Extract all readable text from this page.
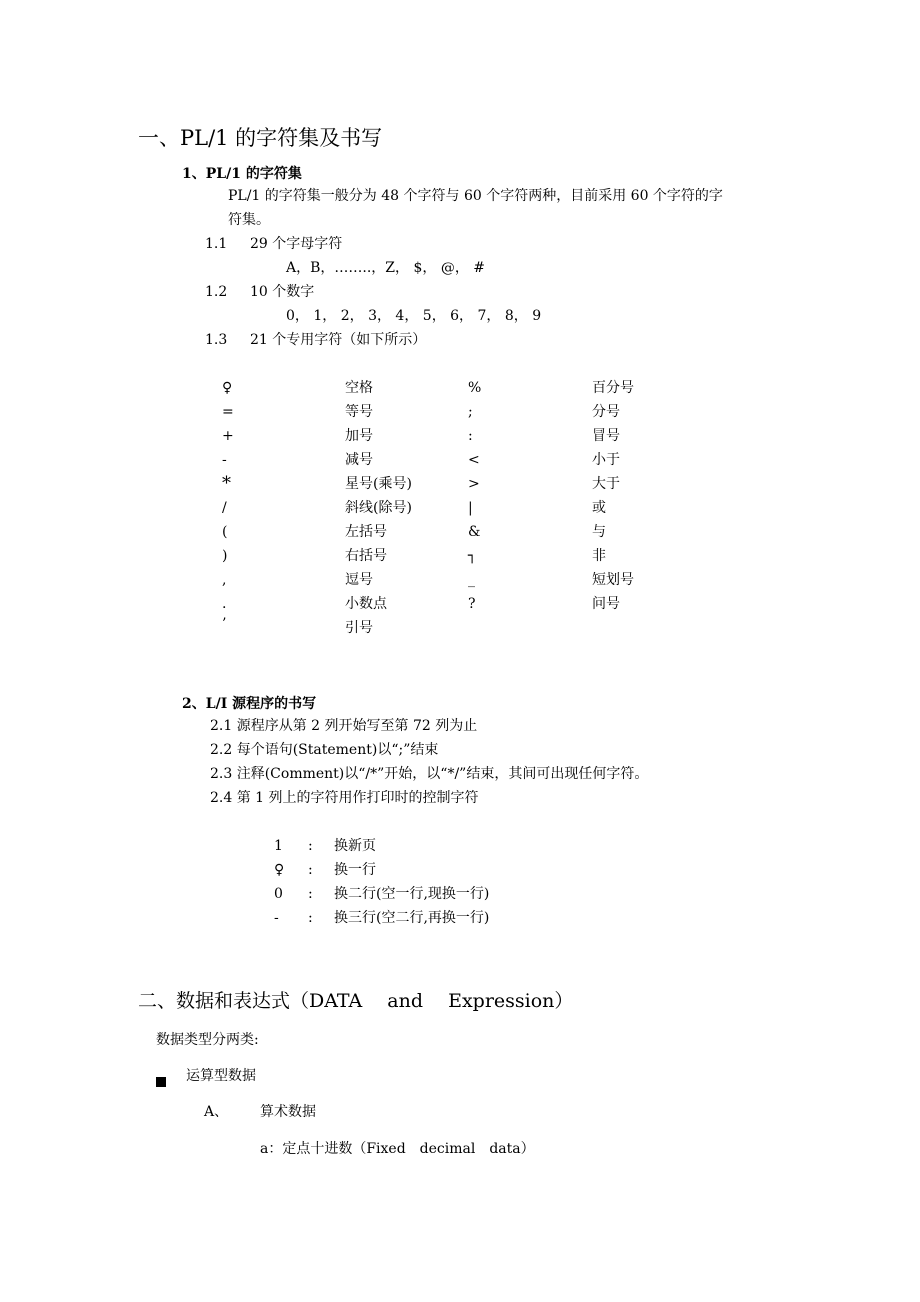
一、PL/1 的字符集及书写
1、PL/1 的字符集
PL/1 的字符集一般分为 48 个字符与 60 个字符两种，目前采用 60 个字符的字
符集。
1.1 29 个字母字符
A，B，……..，Z， $， @， #
1.2 10 个数字
0， 1， 2， 3， 4， 5， 6， 7， 8， 9
1.3 21 个专用字符（如下所示）
♀	空格	%	百分号
=	等号	;	分号
+	加号	:	冒号
-	减号	<	小于
*	星号(乘号)	>	大于
/	斜线(除号)	|	或
(	左括号	&	与
)	右括号	┐	非
,	逗号	_	短划号
.	小数点	?	问号
’	引号
2、L/I 源程序的书写
2.1 源程序从第 2 列开始写至第 72 列为止
2.2 每个语句(Statement)以“;”结束
2.3 注释(Comment)以“/*”开始，以“*/”结束，其间可出现任何字符。
2.4 第 1 列上的字符用作打印时的控制字符
1 : 换新页
♀ : 换一行
0 : 换二行(空一行,现换一行)
- : 换三行(空二行,再换一行)
二、数据和表达式（DATA　 and　 Expression）
数据类型分两类:
运算型数据
A、 算术数据
a：定点十进数（Fixed　decimal　data）
